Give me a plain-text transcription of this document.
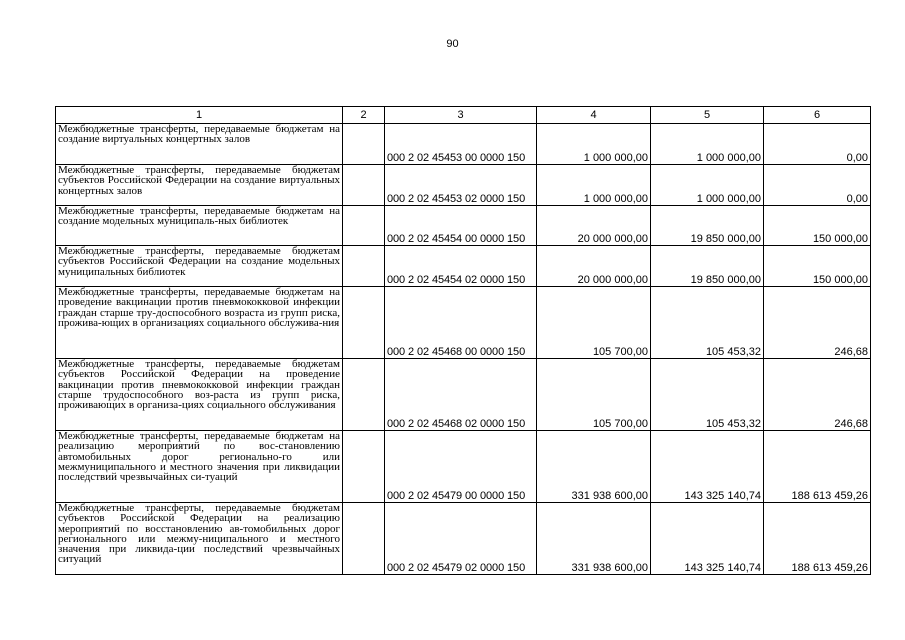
90
1	2	3	4	5	6
Межбюджетные трансферты, передаваемые бюджетам на создание виртуальных концертных залов		000 2 02 45453 00 0000 150	1 000 000,00	1 000 000,00	0,00
Межбюджетные трансферты, передаваемые бюджетам субъектов Российской Федерации на создание виртуальных концертных залов		000 2 02 45453 02 0000 150	1 000 000,00	1 000 000,00	0,00
Межбюджетные трансферты, передаваемые бюджетам на создание модельных муниципаль-ных библиотек		000 2 02 45454 00 0000 150	20 000 000,00	19 850 000,00	150 000,00
Межбюджетные трансферты, передаваемые бюджетам субъектов Российской Федерации на создание модельных муниципальных библиотек		000 2 02 45454 02 0000 150	20 000 000,00	19 850 000,00	150 000,00
Межбюджетные трансферты, передаваемые бюджетам на проведение вакцинации против пневмококковой инфекции граждан старше тру-доспособного возраста из групп риска, прожива-ющих в организациях социального обслужива-ния		000 2 02 45468 00 0000 150	105 700,00	105 453,32	246,68
Межбюджетные трансферты, передаваемые бюджетам субъектов Российской Федерации на проведение вакцинации против пневмококковой инфекции граждан старше трудоспособного воз-раста из групп риска, проживающих в организа-циях социального обслуживания		000 2 02 45468 02 0000 150	105 700,00	105 453,32	246,68
Межбюджетные трансферты, передаваемые бюджетам на реализацию мероприятий по вос-становлению автомобильных дорог регионально-го или межмуниципального и местного значения при ликвидации последствий чрезвычайных си-туаций		000 2 02 45479 00 0000 150	331 938 600,00	143 325 140,74	188 613 459,26
Межбюджетные трансферты, передаваемые бюджетам субъектов Российской Федерации на реализацию мероприятий по восстановлению ав-томобильных дорог регионального или межму-ниципального и местного значения при ликвида-ции последствий чрезвычайных ситуаций		000 2 02 45479 02 0000 150	331 938 600,00	143 325 140,74	188 613 459,26
